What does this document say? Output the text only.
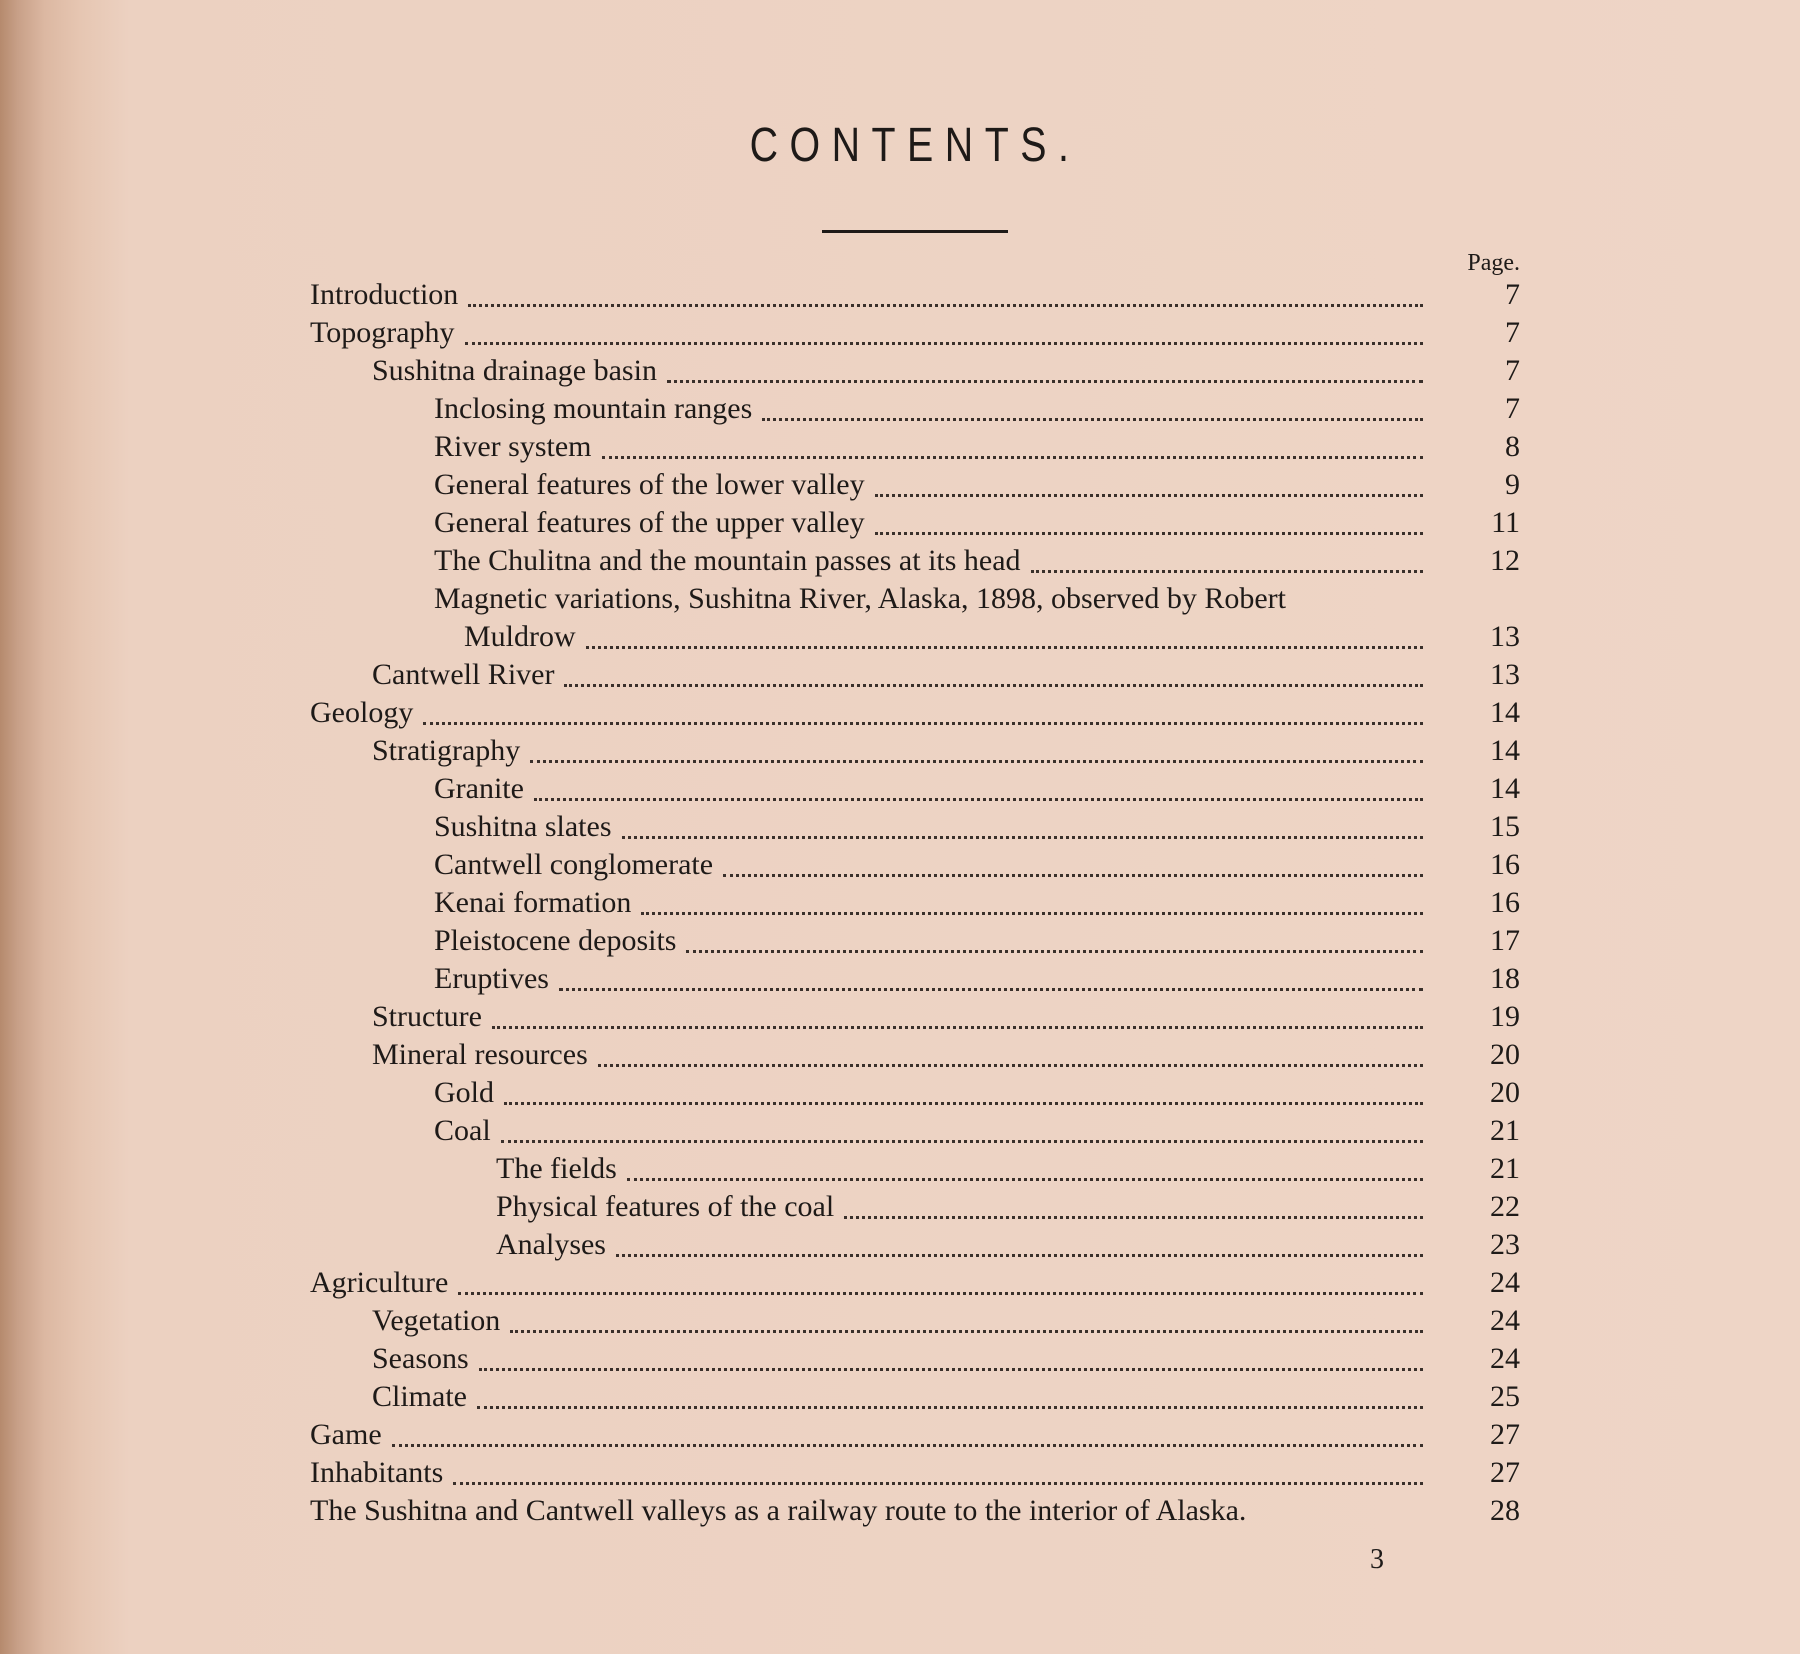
CONTENTS.
Page.
Introduction	7
Topography	7
Sushitna drainage basin	7
Inclosing mountain ranges	7
River system	8
General features of the lower valley	9
General features of the upper valley	11
The Chulitna and the mountain passes at its head	12
Magnetic variations, Sushitna River, Alaska, 1898, observed by Robert
Muldrow	13
Cantwell River	13
Geology	14
Stratigraphy	14
Granite	14
Sushitna slates	15
Cantwell conglomerate	16
Kenai formation	16
Pleistocene deposits	17
Eruptives	18
Structure	19
Mineral resources	20
Gold	20
Coal	21
The fields	21
Physical features of the coal	22
Analyses	23
Agriculture	24
Vegetation	24
Seasons	24
Climate	25
Game	27
Inhabitants	27
The Sushitna and Cantwell valleys as a railway route to the interior of Alaska.	28
3
